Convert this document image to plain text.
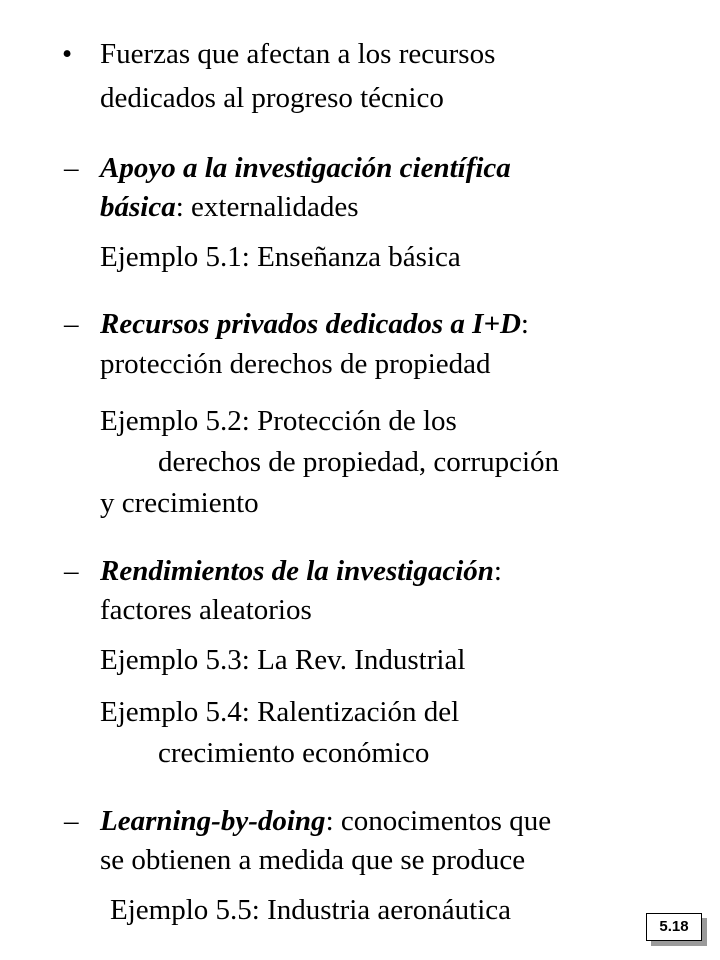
• Fuerzas que afectan a los recursos
dedicados al progreso técnico
– Apoyo a la investigación científica
básica: externalidades
Ejemplo 5.1: Enseñanza básica
– Recursos privados dedicados a I+D:
protección derechos de propiedad
Ejemplo 5.2: Protección de los
derechos de propiedad, corrupción
y crecimiento
– Rendimientos de la investigación:
factores aleatorios
Ejemplo 5.3: La Rev. Industrial
Ejemplo 5.4: Ralentización del
crecimiento económico
– Learning-by-doing: conocimentos que
se obtienen a medida que se produce
Ejemplo 5.5: Industria aeronáutica
5.18
